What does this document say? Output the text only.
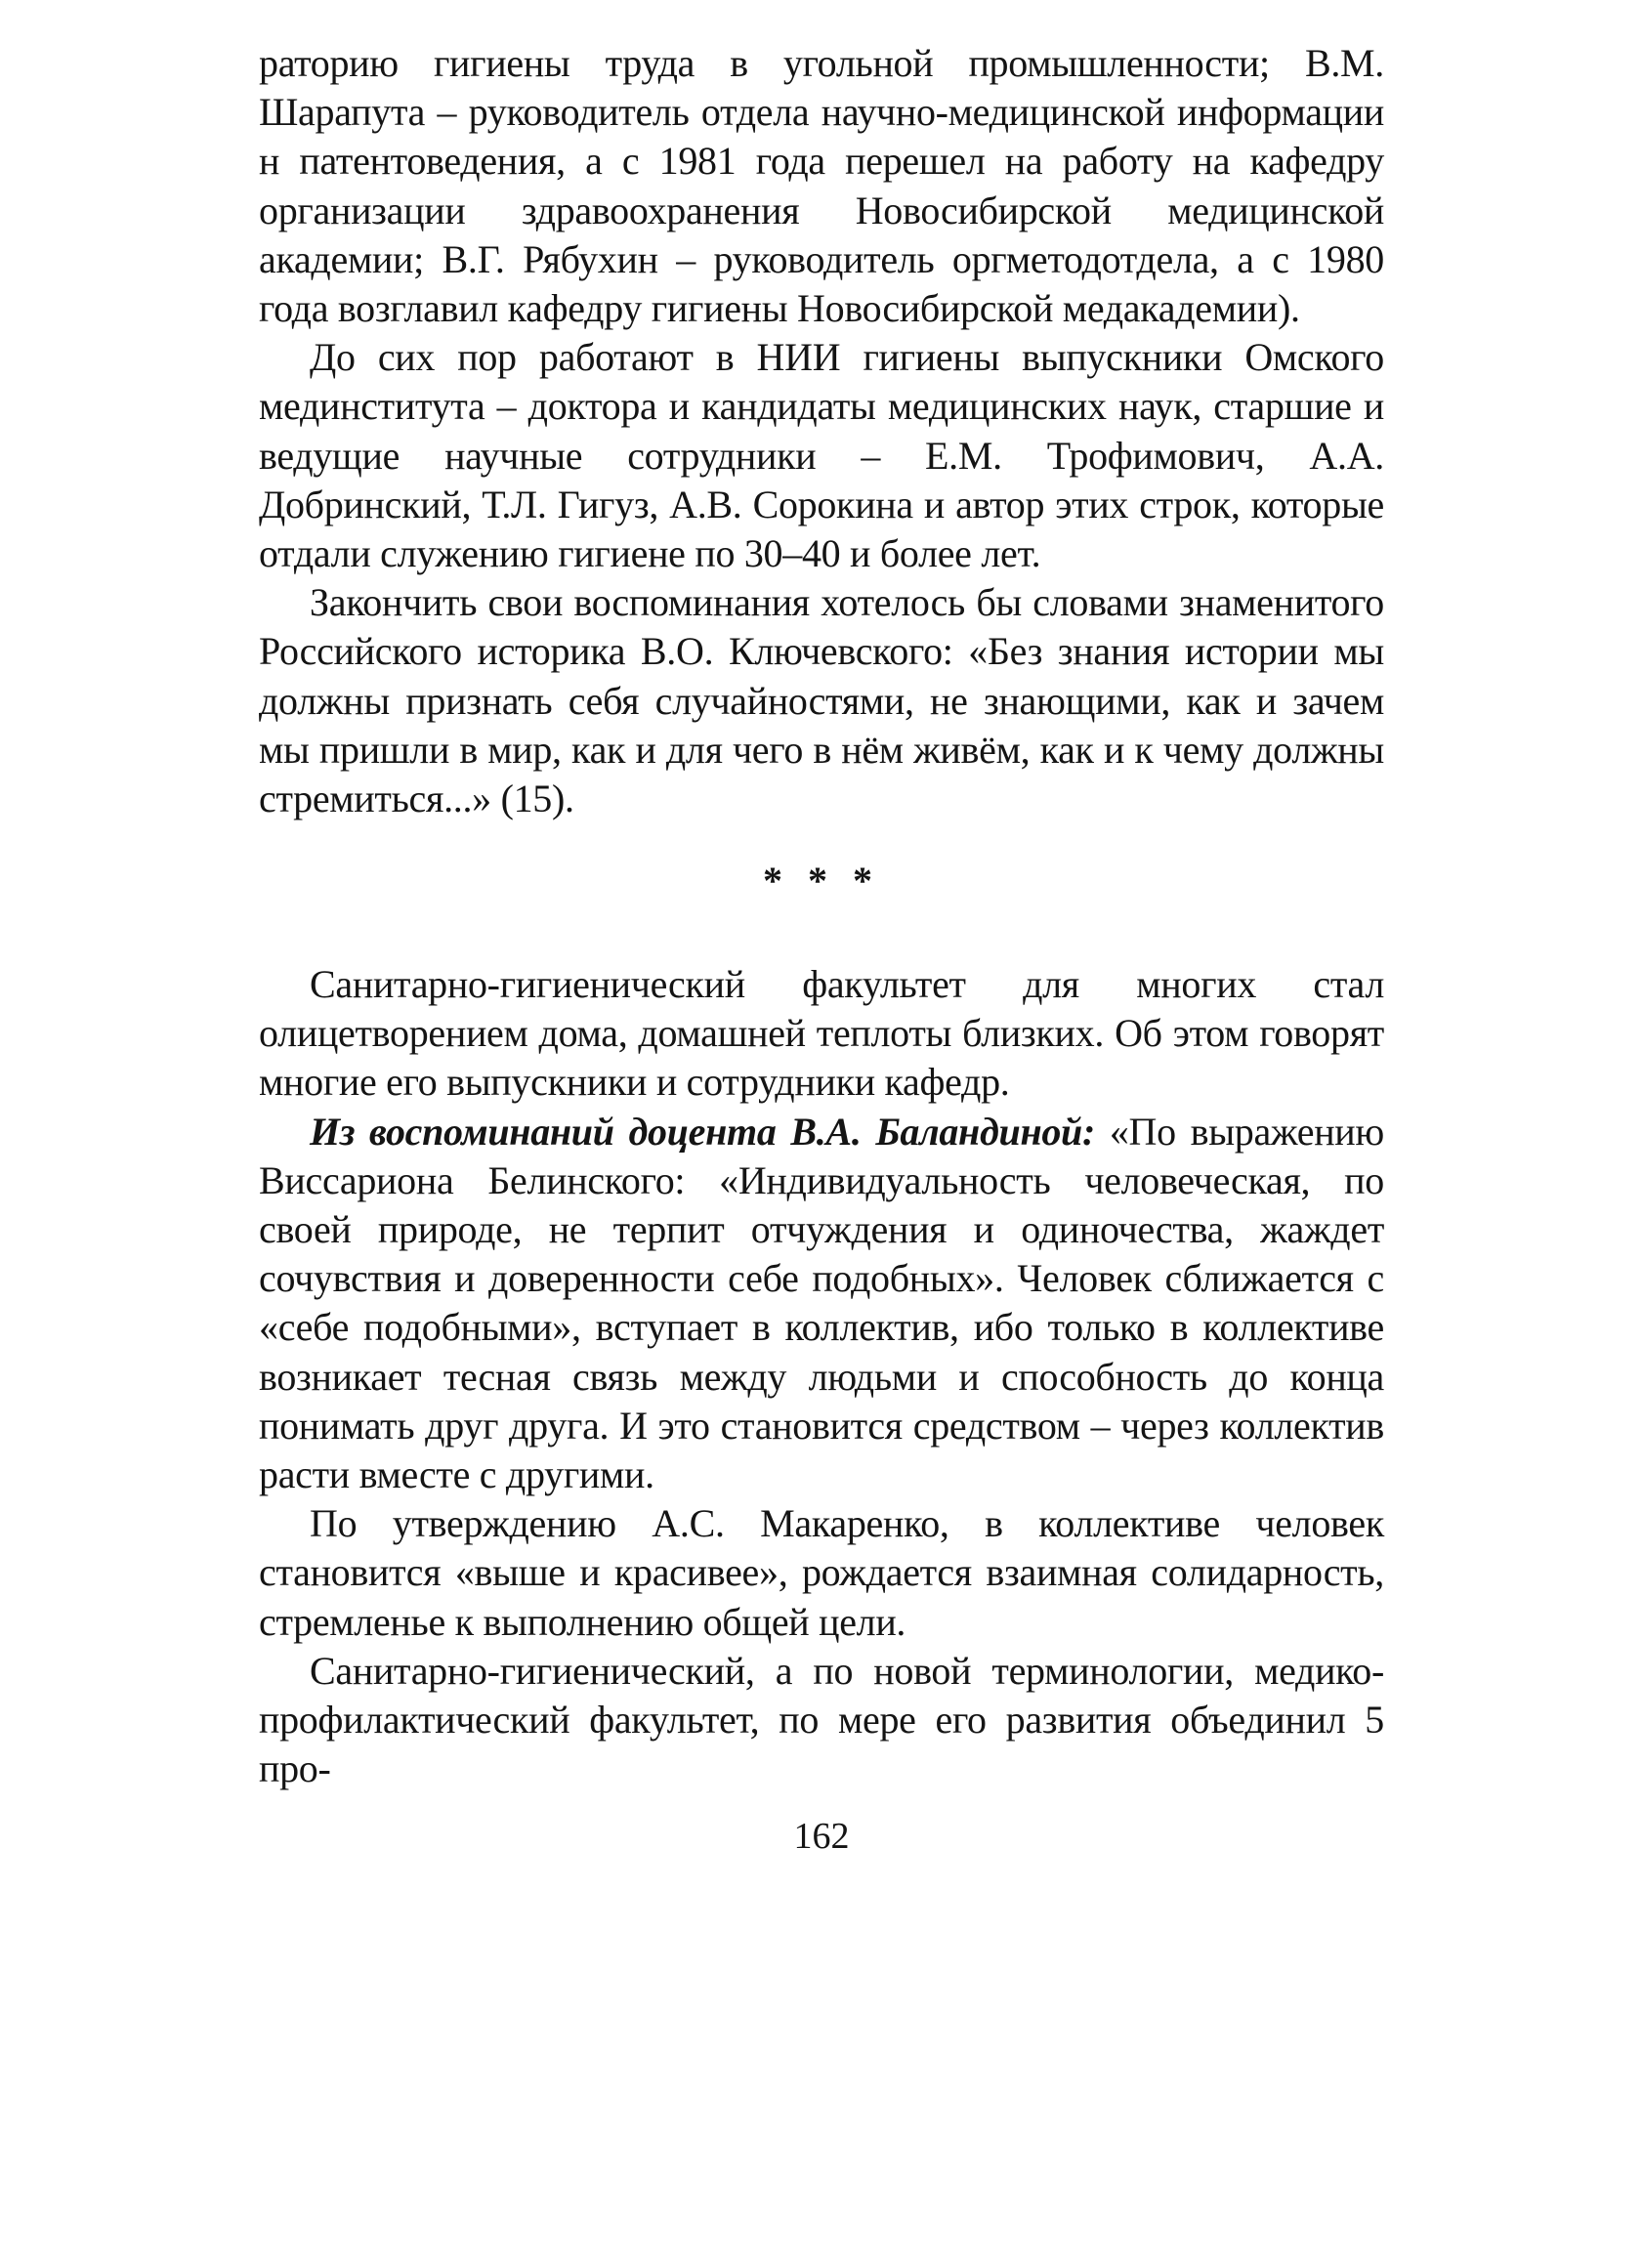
раторию гигиены труда в угольной промышленности; В.М. Шарапута – руководитель отдела научно-медицинской информации н патентоведения, а с 1981 года перешел на работу на кафедру организации здравоохранения Новосибирской медицинской академии; В.Г. Рябухин – руководитель оргметодотдела, а с 1980 года возглавил кафедру гигиены Новосибирской медакадемии).

До сих пор работают в НИИ гигиены выпускники Омского мединститута – доктора и кандидаты медицинских наук, старшие и ведущие научные сотрудники – Е.М. Трофимович, А.А. Добринский, Т.Л. Гигуз, А.В. Сорокина и автор этих строк, которые отдали служению гигиене по 30–40 и более лет.

Закончить свои воспоминания хотелось бы словами знаменитого Российского историка В.О. Ключевского: «Без знания истории мы должны признать себя случайностями, не знающими, как и зачем мы пришли в мир, как и для чего в нём живём, как и к чему должны стремиться...» (15).

* * *

Санитарно-гигиенический факультет для многих стал олицетворением дома, домашней теплоты близких. Об этом говорят многие его выпускники и сотрудники кафедр.

Из воспоминаний доцента В.А. Баландиной: «По выражению Виссариона Белинского: «Индивидуальность человеческая, по своей природе, не терпит отчуждения и одиночества, жаждет сочувствия и доверенности себе подобных». Человек сближается с «себе подобными», вступает в коллектив, ибо только в коллективе возникает тесная связь между людьми и способность до конца понимать друг друга. И это становится средством – через коллектив расти вместе с другими.

По утверждению А.С. Макаренко, в коллективе человек становится «выше и красивее», рождается взаимная солидарность, стремленье к выполнению общей цели.

Санитарно-гигиенический, а по новой терминологии, медико-профилактический факультет, по мере его развития объединил 5 про-

162
